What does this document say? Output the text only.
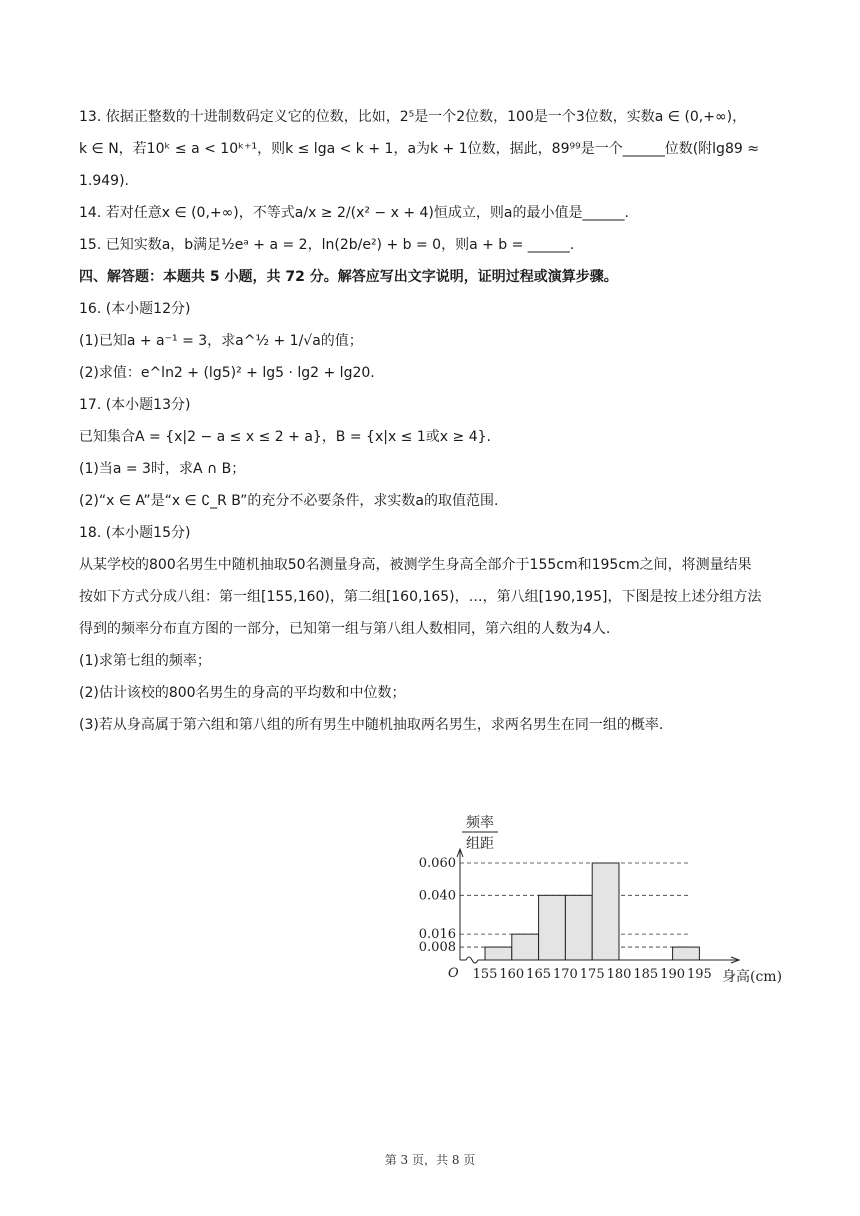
13. 依据正整数的十进制数码定义它的位数，比如，2⁵是一个2位数，100是一个3位数，实数a ∈ (0,+∞)，
k ∈ N，若10ᵏ ≤ a < 10ᵏ⁺¹，则k ≤ lga < k + 1，a为k + 1位数，据此，89⁹⁹是一个______位数(附lg89 ≈
1.949).
14. 若对任意x ∈ (0,+∞)，不等式a/x ≥ 2/(x² − x + 4)恒成立，则a的最小值是______.
15. 已知实数a，b满足½eᵃ + a = 2，ln(2b/e²) + b = 0，则a + b = ______.
四、解答题：本题共 5 小题，共 72 分。解答应写出文字说明，证明过程或演算步骤。
16. (本小题12分)
(1)已知a + a⁻¹ = 3，求a^½ + 1/√a的值；
(2)求值：e^ln2 + (lg5)² + lg5 · lg2 + lg20.
17. (本小题13分)
已知集合A = {x|2 − a ≤ x ≤ 2 + a}，B = {x|x ≤ 1或x ≥ 4}.
(1)当a = 3时，求A ∩ B；
(2)“x ∈ A”是“x ∈ ∁_R B”的充分不必要条件，求实数a的取值范围.
18. (本小题15分)
从某学校的800名男生中随机抽取50名测量身高，被测学生身高全部介于155cm和195cm之间，将测量结果
按如下方式分成八组：第一组[155,160)，第二组[160,165)，…，第八组[190,195]，下图是按上述分组方法
得到的频率分布直方图的一部分，已知第一组与第八组人数相同，第六组的人数为4人.
(1)求第七组的频率；
(2)估计该校的800名男生的身高的平均数和中位数；
(3)若从身高属于第六组和第八组的所有男生中随机抽取两名男生，求两名男生在同一组的概率.
频率
组距
O
0.060
0.040
0.016
0.008
155 160 165 170 175 180 185 190 195 身高(cm)
第 3 页，共 8 页
